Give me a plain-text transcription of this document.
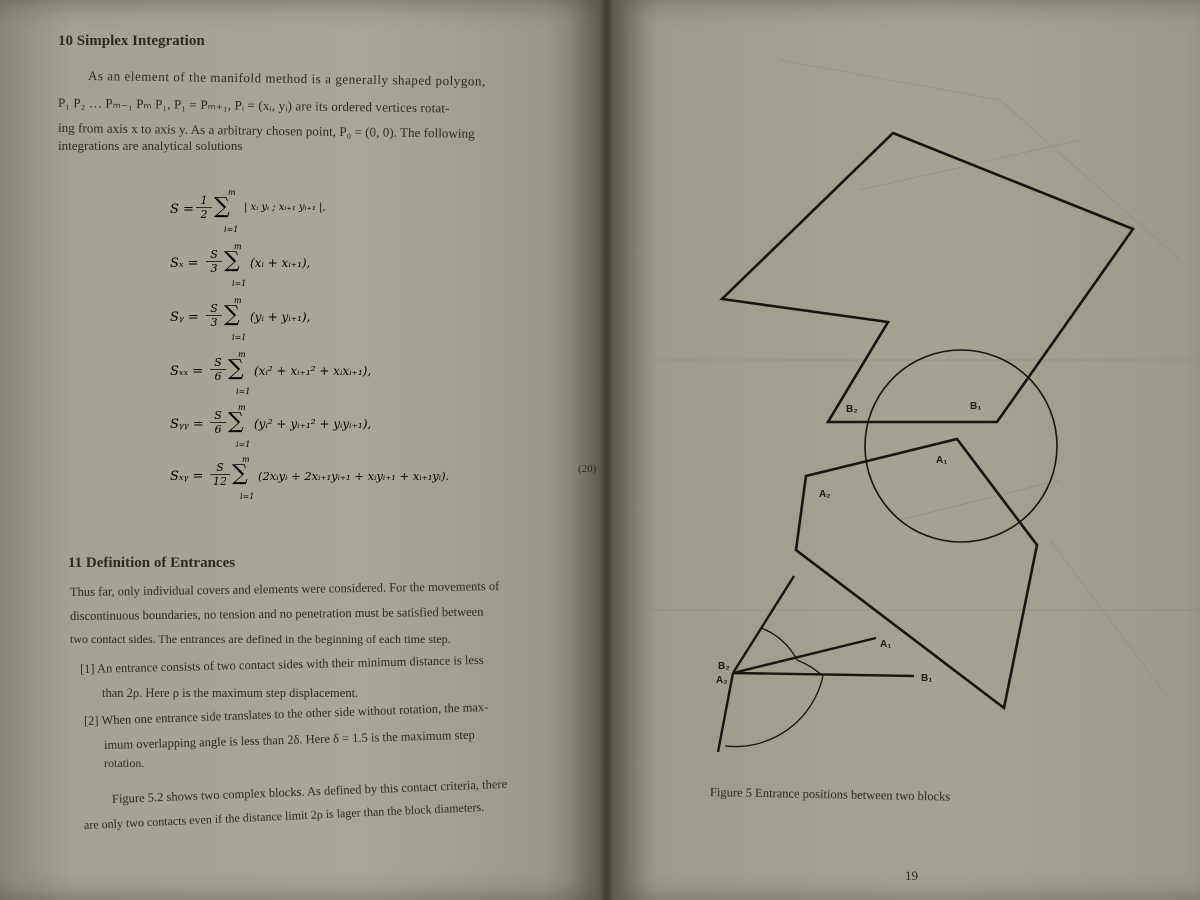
10 Simplex Integration
As an element of the manifold method is a generally shaped polygon,
P₁ P₂ … Pₘ₋₁ Pₘ P₁, P₁ = Pₘ₊₁, Pᵢ = (xᵢ, yᵢ) are its ordered vertices rotat-
ing from axis x to axis y. As a arbitrary chosen point, P₀ = (0, 0). The following
integrations are analytical solutions
$S = \frac{1}{2}$
m
∑
i=1
| xᵢ yᵢ ; xᵢ₊₁ yᵢ₊₁ |,
$S_x = \frac{S}{3}$
m
∑
i=1
(xᵢ + xᵢ₊₁),
Sᵧ = $\frac{S}{3}$
m
∑
i=1
(yᵢ + yᵢ₊₁),
$S_{xx} = \frac{S}{6}$
m
∑
i=1
(xᵢ² + xᵢ₊₁² + xᵢxᵢ₊₁),
Sᵧᵧ = $\frac{S}{6}$
m
∑
i=1
(yᵢ² + yᵢ₊₁² + yᵢyᵢ₊₁),
Sₓᵧ = $\frac{S}{12}$
m
∑
i=1
(2xᵢyᵢ + 2xᵢ₊₁yᵢ₊₁ + xᵢyᵢ₊₁ + xᵢ₊₁yᵢ).	(20)
11 Definition of Entrances
Thus far, only individual covers and elements were considered. For the movements of
discontinuous boundaries, no tension and no penetration must be satisfied between
two contact sides. The entrances are defined in the beginning of each time step.
[1] An entrance consists of two contact sides with their minimum distance is less
than 2ρ. Here ρ is the maximum step displacement.
[2] When one entrance side translates to the other side without rotation, the max-
imum overlapping angle is less than 2δ. Here δ = 1.5 is the maximum step
rotation.
Figure 5.2 shows two complex blocks. As defined by this contact criteria, there
are only two contacts even if the distance limit 2ρ is lager than the block diameters.
B₂	B₁
A₁
A₂
A₁
B₁
B₂
A₂
Figure 5 Entrance positions between two blocks
19
